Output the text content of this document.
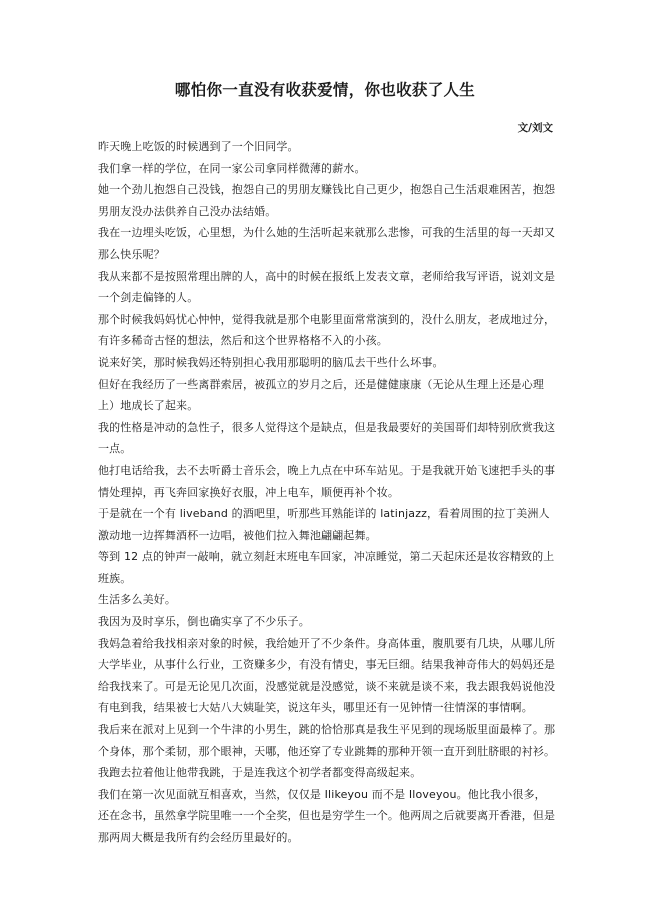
哪怕你一直没有收获爱情，你也收获了人生
文/刘文

昨天晚上吃饭的时候遇到了一个旧同学。

我们拿一样的学位，在同一家公司拿同样微薄的薪水。

她一个劲儿抱怨自己没钱，抱怨自己的男朋友赚钱比自己更少，抱怨自己生活艰难困苦，抱怨男朋友没办法供养自己没办法结婚。

我在一边埋头吃饭，心里想，为什么她的生活听起来就那么悲惨，可我的生活里的每一天却又那么快乐呢？

我从来都不是按照常理出牌的人，高中的时候在报纸上发表文章，老师给我写评语，说刘文是一个剑走偏锋的人。

那个时候我妈妈忧心忡忡，觉得我就是那个电影里面常常演到的，没什么朋友，老成地过分，有许多稀奇古怪的想法，然后和这个世界格格不入的小孩。

说来好笑，那时候我妈还特别担心我用那聪明的脑瓜去干些什么坏事。

但好在我经历了一些离群索居，被孤立的岁月之后，还是健健康康（无论从生理上还是心理上）地成长了起来。

我的性格是冲动的急性子，很多人觉得这个是缺点，但是我最要好的美国哥们却特别欣赏我这一点。

他打电话给我，去不去听爵士音乐会，晚上九点在中环车站见。于是我就开始飞速把手头的事情处理掉，再飞奔回家换好衣服，冲上电车，顺便再补个妆。

于是就在一个有 liveband 的酒吧里，听那些耳熟能详的 latinjazz，看着周围的拉丁美洲人激动地一边挥舞酒杯一边唱，被他们拉入舞池翩翩起舞。

等到 12 点的钟声一敲响，就立刻赶末班电车回家，冲凉睡觉，第二天起床还是妆容精致的上班族。

生活多么美好。

我因为及时享乐，倒也确实享了不少乐子。

我妈急着给我找相亲对象的时候，我给她开了不少条件。身高体重，腹肌要有几块，从哪儿所大学毕业，从事什么行业，工资赚多少，有没有情史，事无巨细。结果我神奇伟大的妈妈还是给我找来了。可是无论见几次面，没感觉就是没感觉，谈不来就是谈不来，我去跟我妈说他没有电到我，结果被七大姑八大姨耻笑，说这年头，哪里还有一见钟情一往情深的事情啊。

我后来在派对上见到一个牛津的小男生，跳的恰恰那真是我生平见到的现场版里面最棒了。那个身体，那个柔韧，那个眼神，天哪，他还穿了专业跳舞的那种开领一直开到肚脐眼的衬衫。

我跑去拉着他让他带我跳，于是连我这个初学者都变得高级起来。

我们在第一次见面就互相喜欢，当然，仅仅是 Ilikeyou 而不是 Iloveyou。他比我小很多，还在念书，虽然拿学院里唯一一个全奖，但也是穷学生一个。他两周之后就要离开香港，但是那两周大概是我所有约会经历里最好的。
